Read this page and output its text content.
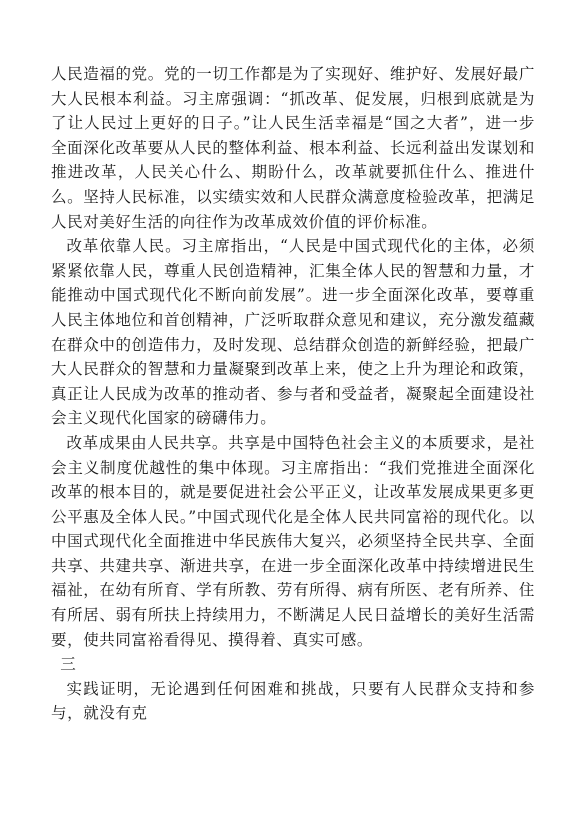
人民造福的党。党的一切工作都是为了实现好、维护好、发展好最广大人民根本利益。习主席强调：“抓改革、促发展，归根到底就是为了让人民过上更好的日子。”让人民生活幸福是“国之大者”，进一步全面深化改革要从人民的整体利益、根本利益、长远利益出发谋划和推进改革，人民关心什么、期盼什么，改革就要抓住什么、推进什么。坚持人民标准，以实绩实效和人民群众满意度检验改革，把满足人民对美好生活的向往作为改革成效价值的评价标准。

改革依靠人民。习主席指出，“人民是中国式现代化的主体，必须紧紧依靠人民，尊重人民创造精神，汇集全体人民的智慧和力量，才能推动中国式现代化不断向前发展”。进一步全面深化改革，要尊重人民主体地位和首创精神，广泛听取群众意见和建议，充分激发蕴藏在群众中的创造伟力，及时发现、总结群众创造的新鲜经验，把最广大人民群众的智慧和力量凝聚到改革上来，使之上升为理论和政策，真正让人民成为改革的推动者、参与者和受益者，凝聚起全面建设社会主义现代化国家的磅礴伟力。

改革成果由人民共享。共享是中国特色社会主义的本质要求，是社会主义制度优越性的集中体现。习主席指出：“我们党推进全面深化改革的根本目的，就是要促进社会公平正义，让改革发展成果更多更公平惠及全体人民。”中国式现代化是全体人民共同富裕的现代化。以中国式现代化全面推进中华民族伟大复兴，必须坚持全民共享、全面共享、共建共享、渐进共享，在进一步全面深化改革中持续增进民生福祉，在幼有所育、学有所教、劳有所得、病有所医、老有所养、住有所居、弱有所扶上持续用力，不断满足人民日益增长的美好生活需要，使共同富裕看得见、摸得着、真实可感。

三

实践证明，无论遇到任何困难和挑战，只要有人民群众支持和参与，就没有克
